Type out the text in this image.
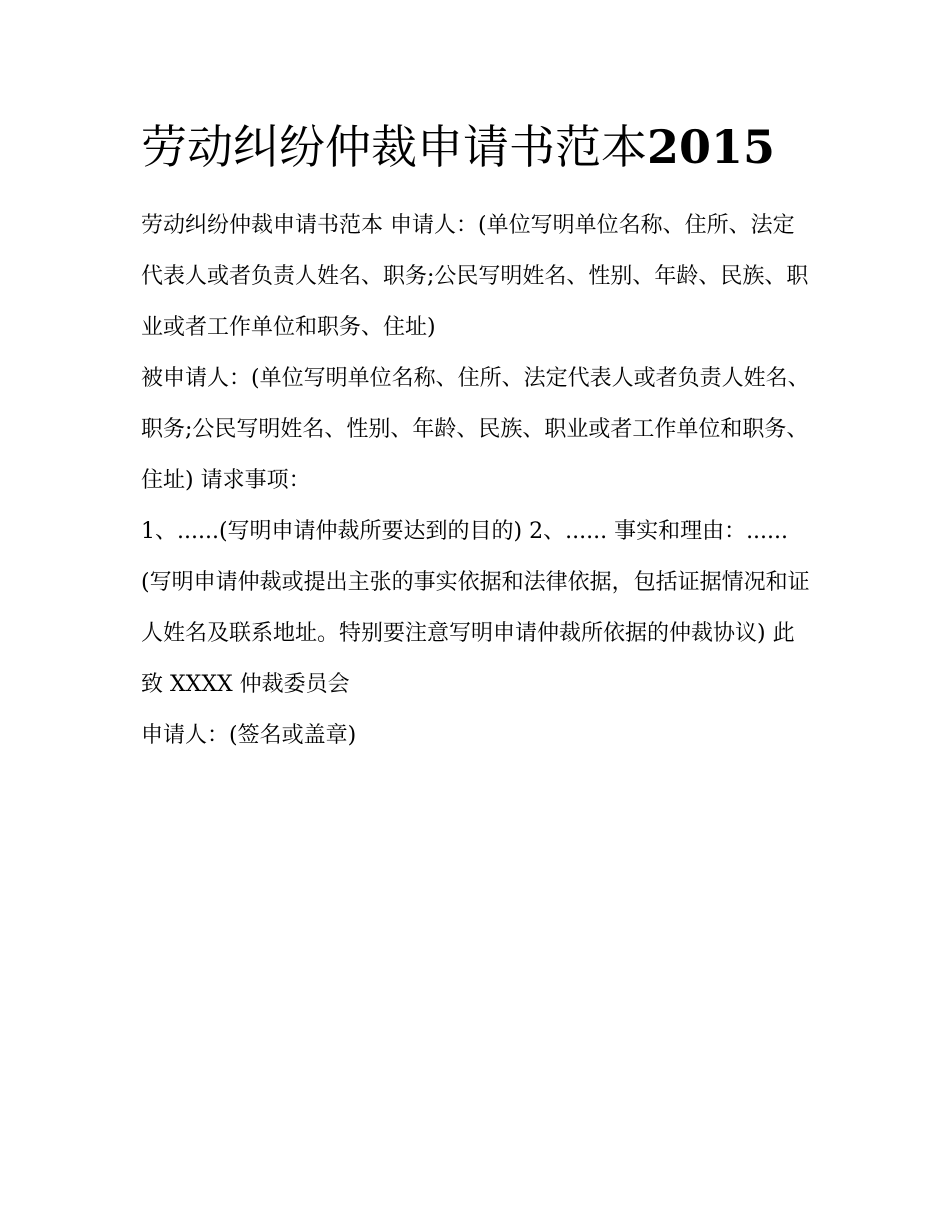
劳动纠纷仲裁申请书范本2015

劳动纠纷仲裁申请书范本 申请人：(单位写明单位名称、住所、法定代表人或者负责人姓名、职务;公民写明姓名、性别、年龄、民族、职业或者工作单位和职务、住址)

被申请人：(单位写明单位名称、住所、法定代表人或者负责人姓名、职务;公民写明姓名、性别、年龄、民族、职业或者工作单位和职务、住址) 请求事项：

1、......(写明申请仲裁所要达到的目的) 2、...... 事实和理由：......(写明申请仲裁或提出主张的事实依据和法律依据，包括证据情况和证人姓名及联系地址。特别要注意写明申请仲裁所依据的仲裁协议) 此致 XXXX 仲裁委员会

申请人：(签名或盖章)
